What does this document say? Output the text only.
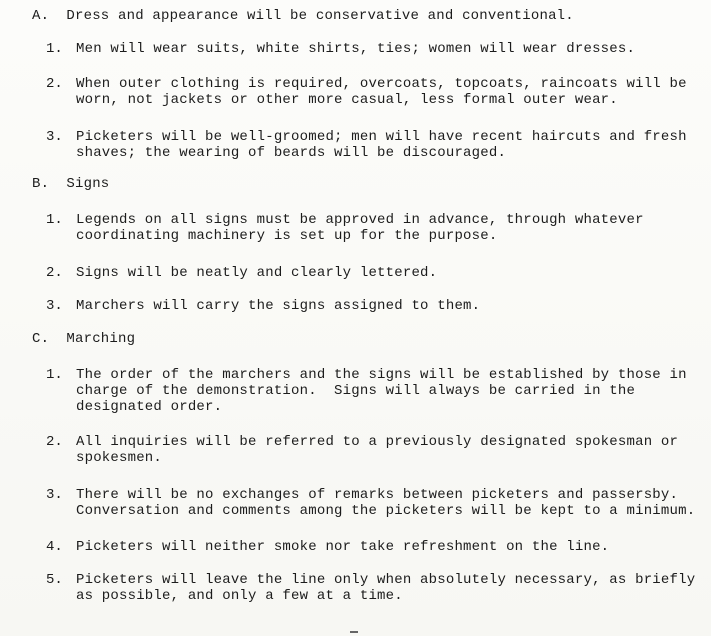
A.  Dress and appearance will be conservative and conventional.
1. Men will wear suits, white shirts, ties; women will wear dresses.
2. When outer clothing is required, overcoats, topcoats, raincoats will be
worn, not jackets or other more casual, less formal outer wear.
3. Picketers will be well-groomed; men will have recent haircuts and fresh
shaves; the wearing of beards will be discouraged.
B.  Signs
1. Legends on all signs must be approved in advance, through whatever
coordinating machinery is set up for the purpose.
2. Signs will be neatly and clearly lettered.
C.  Marching
3. Marchers will carry the signs assigned to them.
1. The order of the marchers and the signs will be established by those in
charge of the demonstration.  Signs will always be carried in the
designated order.
2. All inquiries will be referred to a previously designated spokesman or
spokesmen.
3. There will be no exchanges of remarks between picketers and passersby.
Conversation and comments among the picketers will be kept to a minimum.
4. Picketers will neither smoke nor take refreshment on the line.
5. Picketers will leave the line only when absolutely necessary, as briefly
as possible, and only a few at a time.
